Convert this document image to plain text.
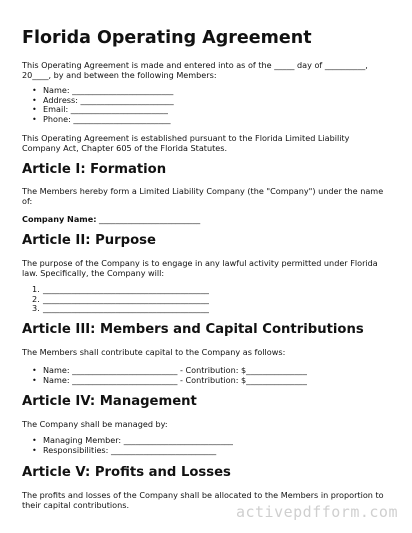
Florida Operating Agreement

This Operating Agreement is made and entered into as of the _____ day of __________, 20____, by and between the following Members:

• Name: _________________________
• Address: _______________________
• Email: ________________________
• Phone: ________________________

This Operating Agreement is established pursuant to the Florida Limited Liability Company Act, Chapter 605 of the Florida Statutes.

Article I: Formation

The Members hereby form a Limited Liability Company (the "Company") under the name of:

Company Name: _________________________

Article II: Purpose

The purpose of the Company is to engage in any lawful activity permitted under Florida law. Specifically, the Company will:

1. _________________________________________
2. _________________________________________
3. _________________________________________
Article III: Members and Capital Contributions

The Members shall contribute capital to the Company as follows:

• Name: __________________________ - Contribution: $_______________
• Name: __________________________ - Contribution: $_______________
Article IV: Management

The Company shall be managed by:

• Managing Member: ___________________________
• Responsibilities: __________________________
Article V: Profits and Losses

The profits and losses of the Company shall be allocated to the Members in proportion to their capital contributions.	activepdfform.com
